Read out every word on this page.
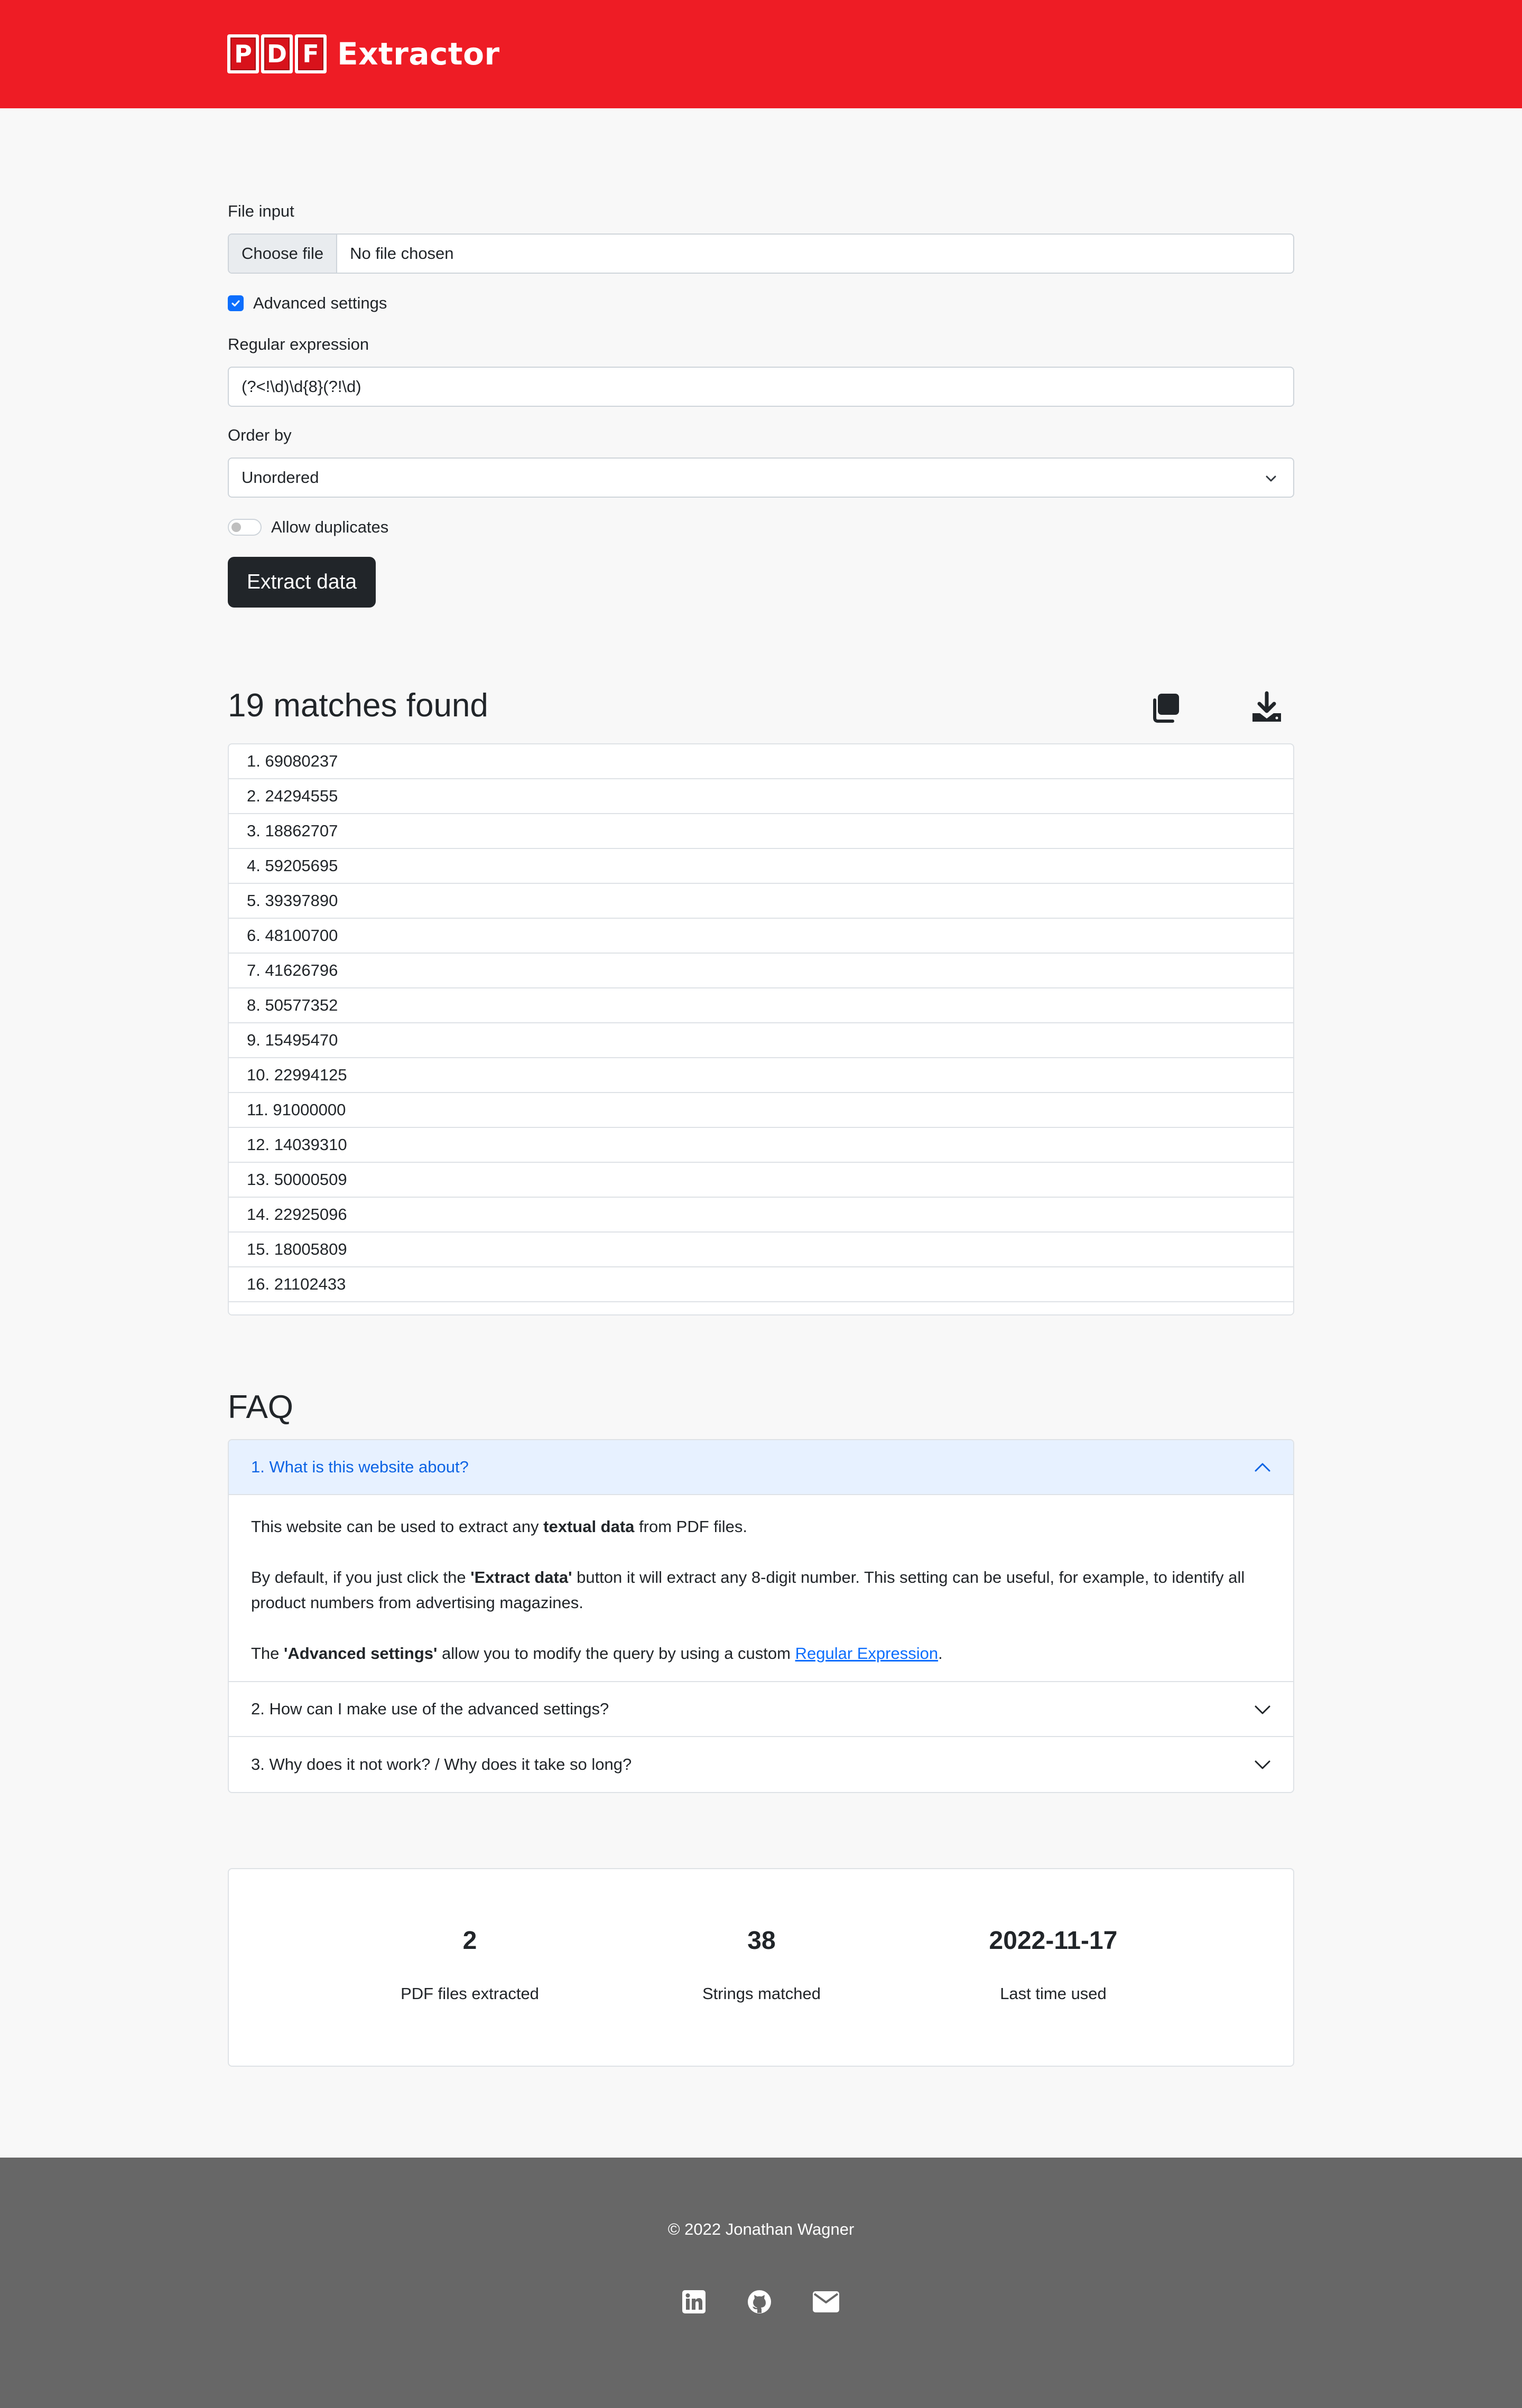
P D F Extractor
File input
Choose file	No file chosen
Advanced settings
Regular expression
(?<!\d)\d{8}(?!\d)
Order by
Unordered
Allow duplicates
Extract data
19 matches found
1. 69080237
2. 24294555
3. 18862707
4. 59205695
5. 39397890
6. 48100700
7. 41626796
8. 50577352
9. 15495470
10. 22994125
11. 91000000
12. 14039310
13. 50000509
14. 22925096
15. 18005809
16. 21102433
FAQ
1. What is this website about?

This website can be used to extract any textual data from PDF files.

By default, if you just click the 'Extract data' button it will extract any 8-digit number. This setting can be useful, for example, to identify all product numbers from advertising magazines.

The 'Advanced settings' allow you to modify the query by using a custom Regular Expression.

2. How can I make use of the advanced settings?
3. Why does it not work? / Why does it take so long?
2
PDF files extracted
38
Strings matched
2022-11-17
Last time used
© 2022 Jonathan Wagner
